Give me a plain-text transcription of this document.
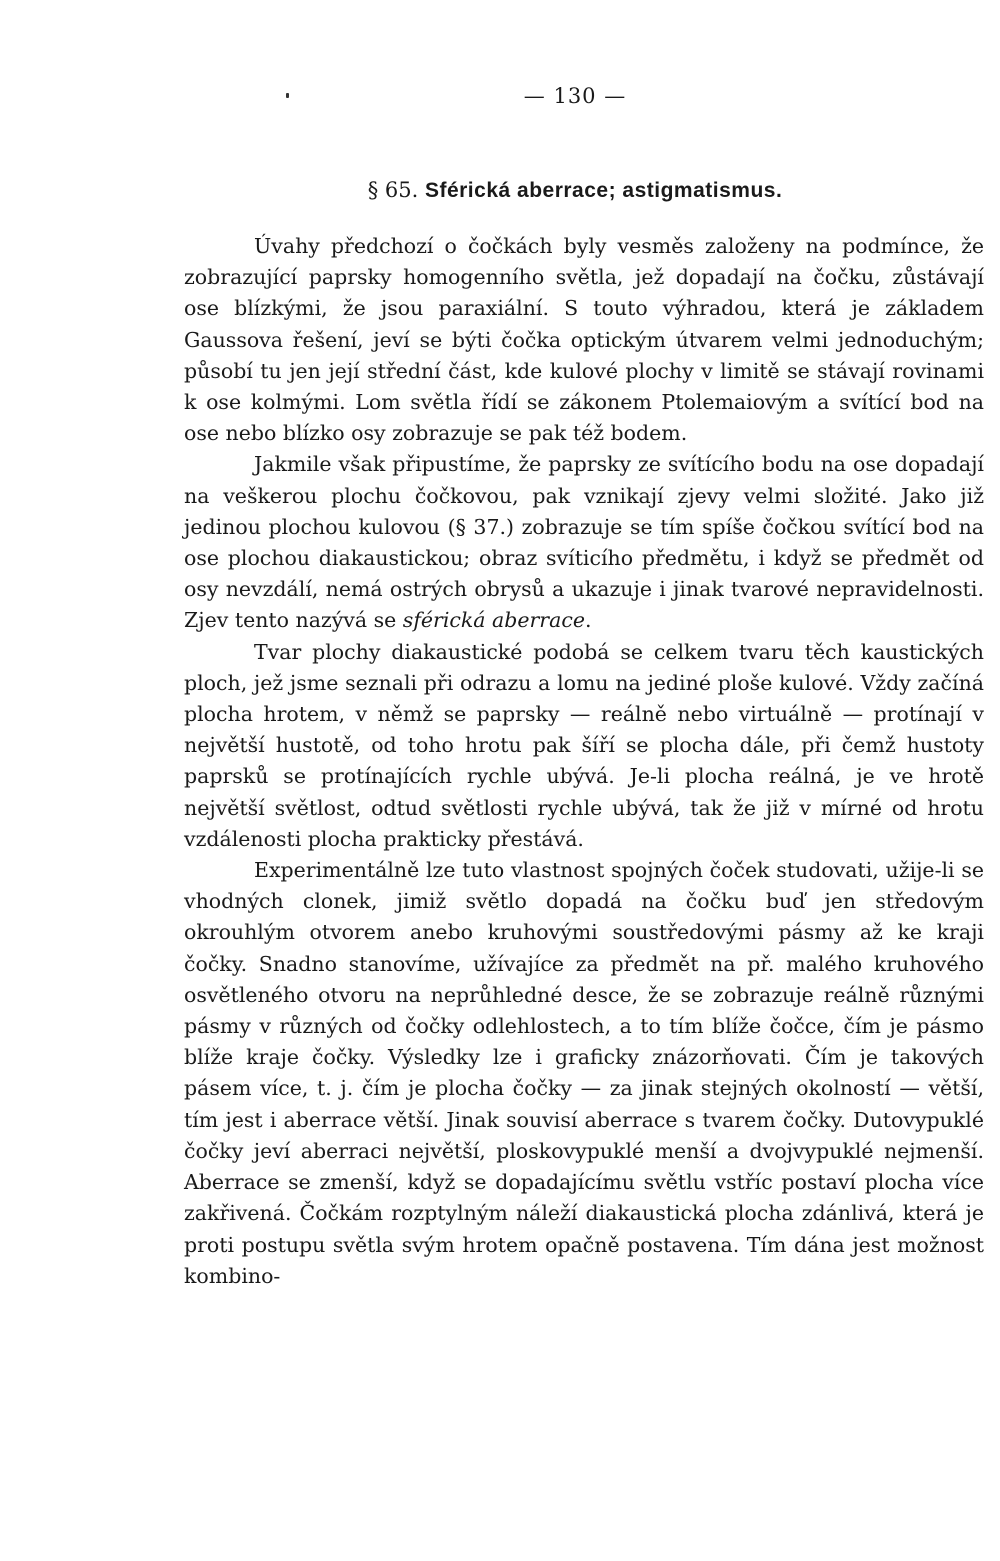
— 130 —
§ 65. Sférická aberrace; astigmatismus.

Úvahy předchozí o čočkách byly vesměs založeny na podmínce, že zobrazující paprsky homogenního světla, jež dopadají na čočku, zůstávají ose blízkými, že jsou paraxiální. S touto výhradou, která je základem Gaussova řešení, jeví se býti čočka optickým útvarem velmi jednoduchým; působí tu jen její střední část, kde kulové plochy v limitě se stávají rovinami k ose kolmými. Lom světla řídí se zákonem Ptolemaiovým a svítící bod na ose nebo blízko osy zobrazuje se pak též bodem.

Jakmile však připustíme, že paprsky ze svítícího bodu na ose dopadají na veškerou plochu čočkovou, pak vznikají zjevy velmi složité. Jako již jedinou plochou kulovou (§ 37.) zobrazuje se tím spíše čočkou svítící bod na ose plochou diakaustickou; obraz svíticího předmětu, i když se předmět od osy nevzdálí, nemá ostrých obrysů a ukazuje i jinak tvarové nepravidelnosti. Zjev tento nazývá se sférická aberrace.

Tvar plochy diakaustické podobá se celkem tvaru těch kaustických ploch, jež jsme seznali při odrazu a lomu na jediné ploše kulové. Vždy začíná plocha hrotem, v němž se paprsky — reálně nebo virtuálně — protínají v největší hustotě, od toho hrotu pak šíří se plocha dále, při čemž hustoty paprsků se protínajících rychle ubývá. Je-li plocha reálná, je ve hrotě největší světlost, odtud světlosti rychle ubývá, tak že již v mírné od hrotu vzdálenosti plocha prakticky přestává.

Experimentálně lze tuto vlastnost spojných čoček studovati, užije-li se vhodných clonek, jimiž světlo dopadá na čočku buď jen středovým okrouhlým otvorem anebo kruhovými soustředovými pásmy až ke kraji čočky. Snadno stanovíme, užívajíce za předmět na př. malého kruhového osvětleného otvoru na neprůhledné desce, že se zobrazuje reálně různými pásmy v různých od čočky odlehlostech, a to tím blíže čočce, čím je pásmo blíže kraje čočky. Výsledky lze i graficky znázorňovati. Čím je takových pásem více, t. j. čím je plocha čočky — za jinak stejných okolností — větší, tím jest i aberrace větší. Jinak souvisí aberrace s tvarem čočky. Dutovypuklé čočky jeví aberraci největší, ploskovypuklé menší a dvojvypuklé nejmenší. Aberrace se zmenší, když se dopadajícímu světlu vstříc postaví plocha více zakřivená. Čočkám rozptylným náleží diakaustická plocha zdánlivá, která je proti postupu světla svým hrotem opačně postavena. Tím dána jest možnost kombino-
